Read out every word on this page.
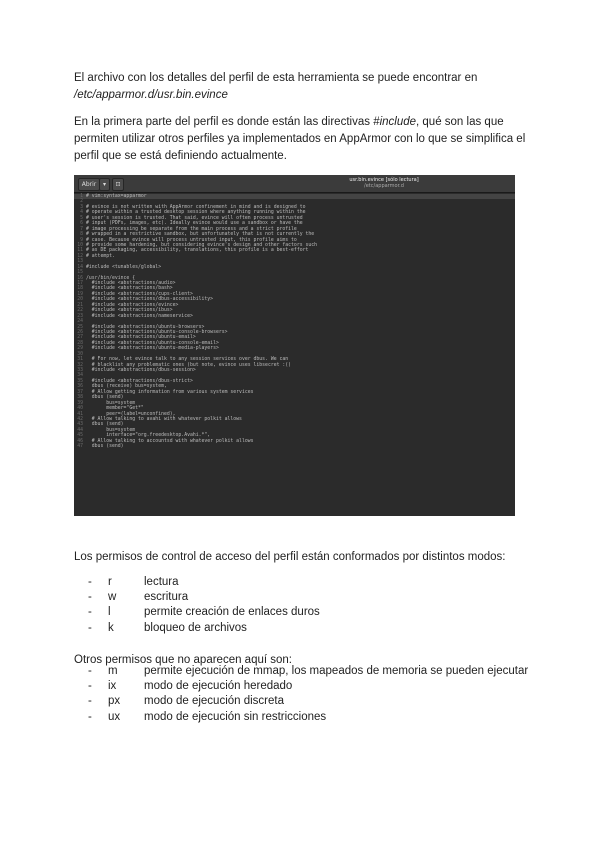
El archivo con los detalles del perfil de esta herramienta se puede encontrar en
/etc/apparmor.d/usr.bin.evince

En la primera parte del perfil es donde están las directivas #include, qué son las que permiten utilizar otros perfiles ya implementados en AppArmor con lo que se simplifica el perfil que se está definiendo actualmente.

Abrir	▾	⊡
usr.bin.evince [sólo lectura]
/etc/apparmor.d
1 # vim:syntax=apparmor
2
3 # evince is not written with AppArmor confinement in mind and is designed to
4 # operate within a trusted desktop session where anything running within the
5 # user's session is trusted. That said, evince will often process untrusted
6 # input (PDFs, images, etc). Ideally evince would use a sandbox or have the
7 # image processing be separate from the main process and a strict profile
8 # wrapped in a restrictive sandbox, but unfortunately that is not currently the
9 # case. Because evince will process untrusted input, this profile aims to
10 # provide some hardening, but considering evince's design and other factors such
11 # as DE packaging, accessibility, translations, this profile is a best-effort
12 # attempt.
13
14 #include <tunables/global>
15
16 /usr/bin/evince {
17  #include <abstractions/audio>
18  #include <abstractions/bash>
19  #include <abstractions/cups-client>
20  #include <abstractions/dbus-accessibility>
21  #include <abstractions/evince>
22  #include <abstractions/ibus>
23  #include <abstractions/nameservice>
24
25  #include <abstractions/ubuntu-browsers>
26  #include <abstractions/ubuntu-console-browsers>
27  #include <abstractions/ubuntu-email>
28  #include <abstractions/ubuntu-console-email>
29  #include <abstractions/ubuntu-media-players>
30
31  # For now, let evince talk to any session services over dbus. We can
32  # blacklist any problematic ones (but note, evince uses libsecret :()
33  #include <abstractions/dbus-session>
34
35  #include <abstractions/dbus-strict>
36  dbus (receive) bus=system,
37  # Allow getting information from various system services
38  dbus (send)
39       bus=system
40       member="Get*"
41       peer=(label=unconfined),
42  # Allow talking to avahi with whatever polkit allows
43  dbus (send)
44       bus=system
45       interface="org.freedesktop.Avahi.*",
46  # Allow talking to accountsd with whatever polkit allows
47  dbus (send)

Los permisos de control de acceso del perfil están conformados por distintos modos:

- r	lectura
- w escritura
- l	permite creación de enlaces duros
- k	bloqueo de archivos

Otros permisos que no aparecen aquí son:

- m permite ejecución de mmap, los mapeados de memoria se pueden ejecutar
- ix modo de ejecución heredado
- px modo de ejecución discreta
- ux modo de ejecución sin restricciones
